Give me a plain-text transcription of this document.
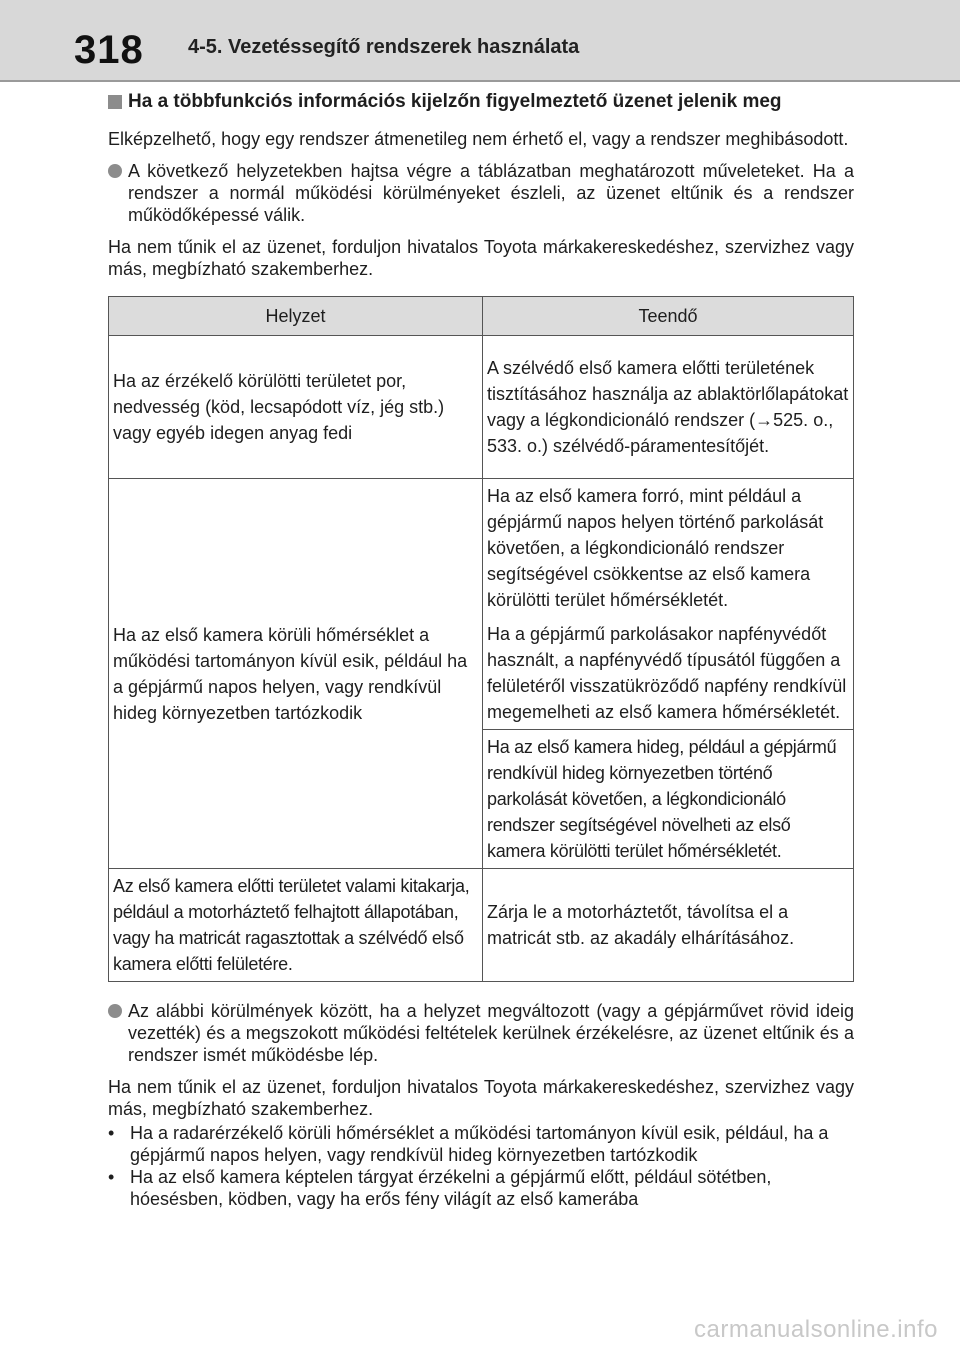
318 4-5. Vezetéssegítő rendszerek használata
Ha a többfunkciós információs kijelzőn figyelmeztető üzenet jelenik meg

Elképzelhető, hogy egy rendszer átmenetileg nem érhető el, vagy a rendszer meghibásodott.

A következő helyzetekben hajtsa végre a táblázatban meghatározott műveleteket. Ha a rendszer a normál működési körülményeket észleli, az üzenet eltűnik és a rendszer működőképessé válik.

Ha nem tűnik el az üzenet, forduljon hivatalos Toyota márkakereskedéshez, szervizhez vagy más, megbízható szakemberhez.

Helyzet	Teendő
Ha az érzékelő körülötti területet por, nedvesség (köd, lecsapódott víz, jég stb.) vagy egyéb idegen anyag fedi	A szélvédő első kamera előtti területének tisztításához használja az ablaktörlőlapátokat vagy a légkondicionáló rendszer (→525. o., 533. o.) szélvédő-páramentesítőjét.
Ha az első kamera körüli hőmérséklet a működési tartományon kívül esik, például ha a gépjármű napos helyen, vagy rendkívül hideg környezetben tartózkodik	Ha az első kamera forró, mint például a gépjármű napos helyen történő parkolását követően, a légkondicionáló rendszer segítségével csökkentse az első kamera körülötti terület hőmérsékletét.
Ha a gépjármű parkolásakor napfényvédőt használt, a napfényvédő típusától függően a felületéről visszatükröződő napfény rendkívül megemelheti az első kamera hőmérsékletét.

	Ha az első kamera hideg, például a gépjármű rendkívül hideg környezetben történő parkolását követően, a légkondicionáló rendszer segítségével növelheti az első kamera körülötti terület hőmérsékletét.
Az első kamera előtti területet valami kitakarja, például a motorháztető felhajtott állapotában, vagy ha matricát ragasztottak a szélvédő első kamera előtti felületére.	Zárja le a motorháztetőt, távolítsa el a matricát stb. az akadály elhárításához.
Az alábbi körülmények között, ha a helyzet megváltozott (vagy a gépjárművet rövid ideig vezették) és a megszokott működési feltételek kerülnek érzékelésre, az üzenet eltűnik és a rendszer ismét működésbe lép.

Ha nem tűnik el az üzenet, forduljon hivatalos Toyota márkakereskedéshez, szervizhez vagy más, megbízható szakemberhez.

• Ha a radarérzékelő körüli hőmérséklet a működési tartományon kívül esik, például, ha a gépjármű napos helyen, vagy rendkívül hideg környezetben tartózkodik
• Ha az első kamera képtelen tárgyat érzékelni a gépjármű előtt, például sötétben, hóesésben, ködben, vagy ha erős fény világít az első kamerába
carmanualsonline.info
